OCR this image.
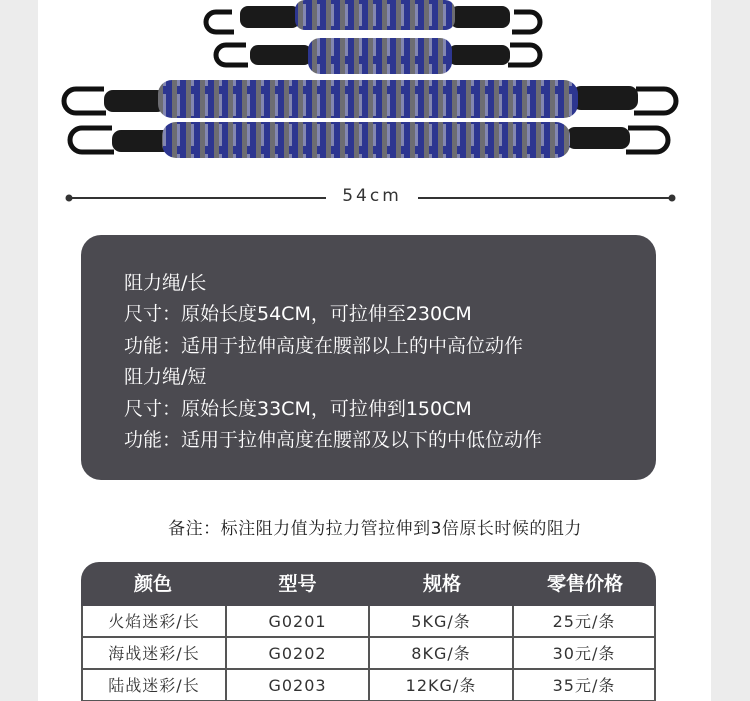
54cm
阻力绳/长
尺寸：原始长度54CM，可拉伸至230CM
功能：适用于拉伸高度在腰部以上的中高位动作
阻力绳/短
尺寸：原始长度33CM，可拉伸到150CM
功能：适用于拉伸高度在腰部及以下的中低位动作
备注：标注阻力值为拉力管拉伸到3倍原长时候的阻力
颜色	型号	规格	零售价格
火焰迷彩/长	G0201	5KG/条	25元/条
海战迷彩/长	G0202	8KG/条	30元/条
陆战迷彩/长	G0203	12KG/条	35元/条
